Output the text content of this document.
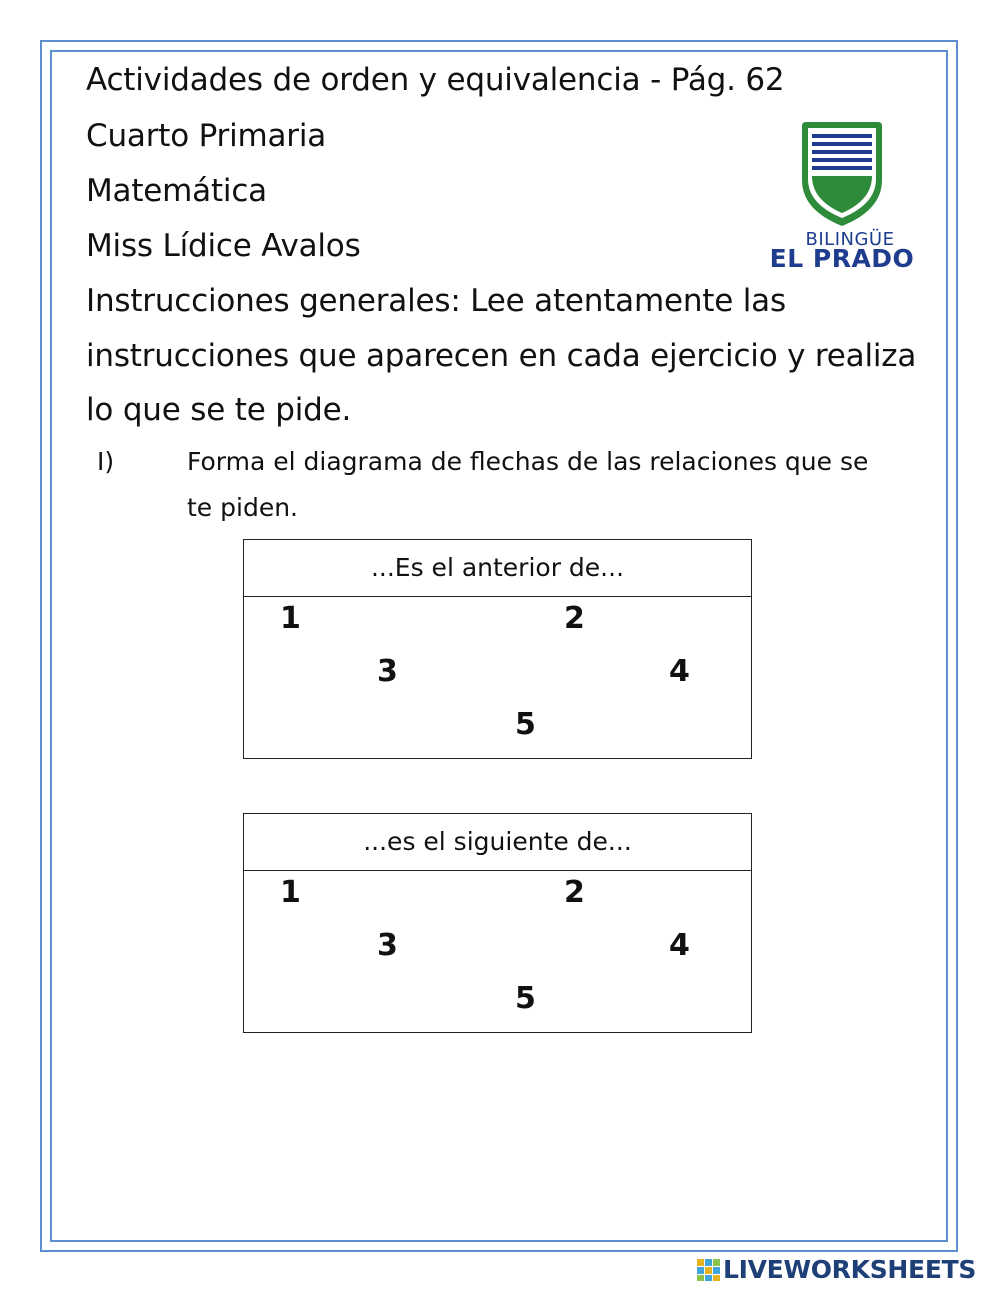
Actividades de orden y equivalencia - Pág. 62
Cuarto Primaria
Matemática
Miss Lídice Avalos
Instrucciones generales: Lee atentamente las
instrucciones que aparecen en cada ejercicio y realiza
lo que se te pide.
BILINGÜE
EL PRADO
I)	Forma el diagrama de flechas de las relaciones que se
te piden.
...Es el anterior de...
1	2
3	4
5
...es el siguiente de...
1	2
3	4
5
LIVEWORKSHEETS
